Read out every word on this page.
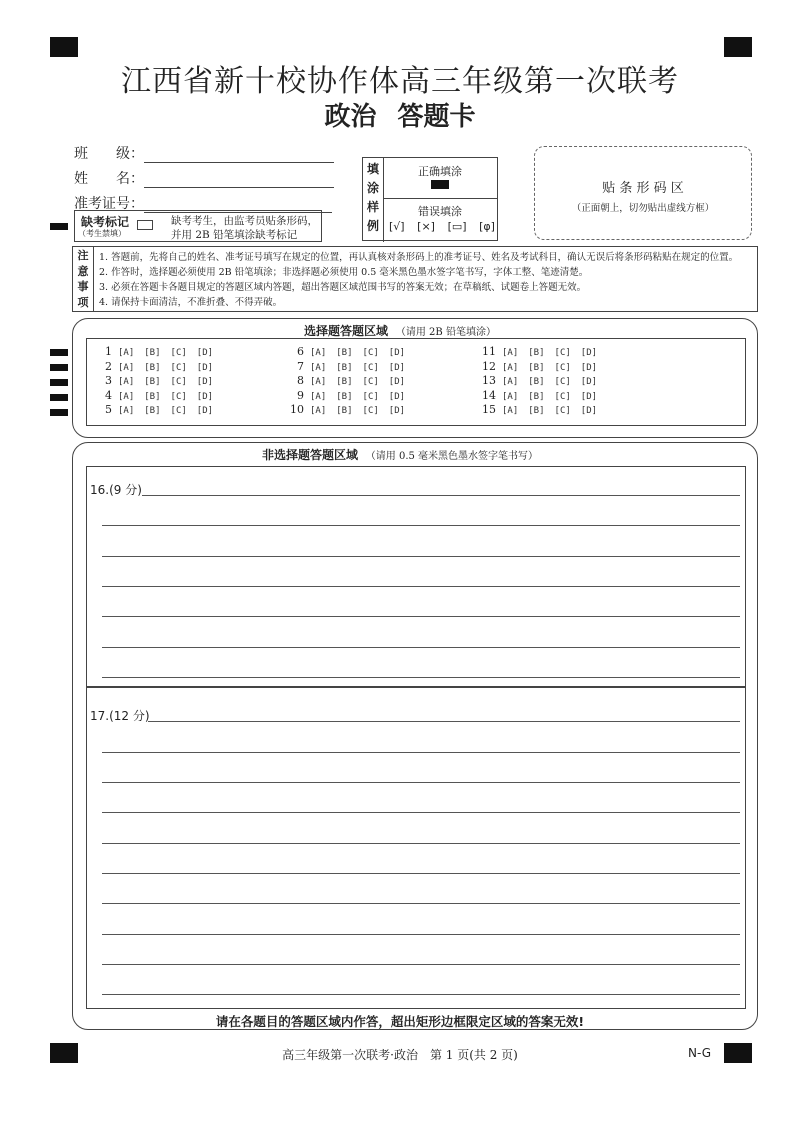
江西省新十校协作体高三年级第一次联考
政治 答题卡
班　　级：
姓　　名：
准考证号：
缺考标记
（考生禁填）
缺考考生，由监考员贴条形码，
并用 2B 铅笔填涂缺考标记
填
涂
样
例
正确填涂
错误填涂
[√] [×] [▭] [φ]
贴 条 形 码 区
（正面朝上，切勿贴出虚线方框）
注
意
事
项
1. 答题前，先将自己的姓名、准考证号填写在规定的位置，再认真核对条形码上的准考证号、姓名及考试科目，确认无误后将条形码粘贴在规定的位置。
2. 作答时，选择题必须使用 2B 铅笔填涂；非选择题必须使用 0.5 毫米黑色墨水签字笔书写，字体工整、笔迹清楚。
3. 必须在答题卡各题目规定的答题区域内答题，超出答题区域范围书写的答案无效；在草稿纸、试题卷上答题无效。
4. 请保持卡面清洁，不准折叠、不得弄破。
选择题答题区域 （请用 2B 铅笔填涂）
1 [A] [B] [C] [D]
2 [A] [B] [C] [D]
3 [A] [B] [C] [D]
4 [A] [B] [C] [D]
5 [A] [B] [C] [D]
6 [A] [B] [C] [D]
7 [A] [B] [C] [D]
8 [A] [B] [C] [D]
9 [A] [B] [C] [D]
10 [A] [B] [C] [D]
11 [A] [B] [C] [D]
12 [A] [B] [C] [D]
13 [A] [B] [C] [D]
14 [A] [B] [C] [D]
15 [A] [B] [C] [D]
非选择题答题区域 （请用 0.5 毫米黑色墨水签字笔书写）
16.(9 分)
17.(12 分)
请在各题目的答题区域内作答，超出矩形边框限定区域的答案无效!
高三年级第一次联考·政治　第 1 页(共 2 页)	N-G
